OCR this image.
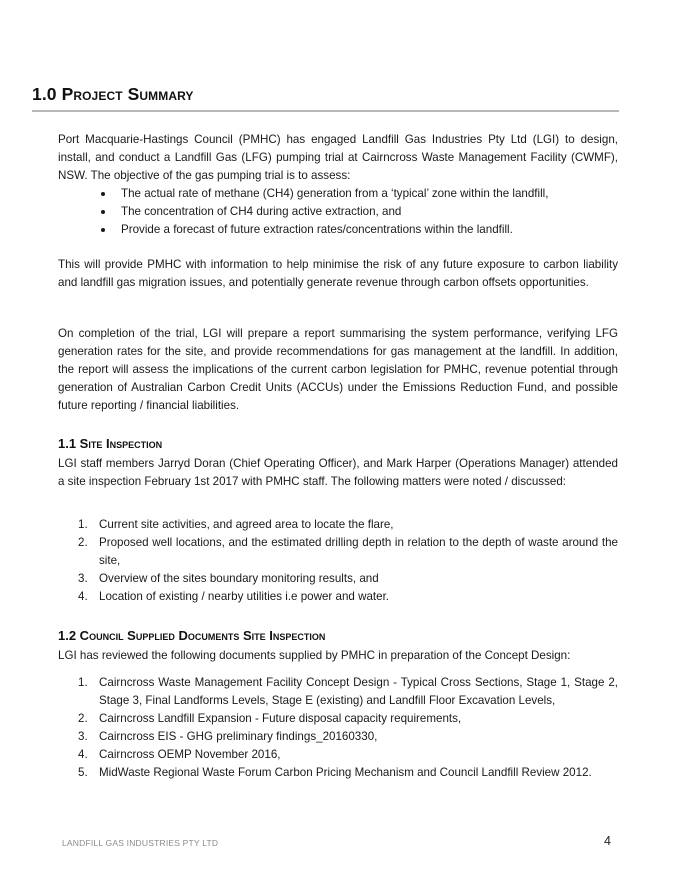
1.0 Project Summary

Port Macquarie-Hastings Council (PMHC) has engaged Landfill Gas Industries Pty Ltd (LGI) to design, install, and conduct a Landfill Gas (LFG) pumping trial at Cairncross Waste Management Facility (CWMF), NSW. The objective of the gas pumping trial is to assess:

The actual rate of methane (CH4) generation from a ‘typical’ zone within the landfill,
The concentration of CH4 during active extraction, and
Provide a forecast of future extraction rates/concentrations within the landfill.

This will provide PMHC with information to help minimise the risk of any future exposure to carbon liability and landfill gas migration issues, and potentially generate revenue through carbon offsets opportunities.

On completion of the trial, LGI will prepare a report summarising the system performance, verifying LFG generation rates for the site, and provide recommendations for gas management at the landfill. In addition, the report will assess the implications of the current carbon legislation for PMHC, revenue potential through generation of Australian Carbon Credit Units (ACCUs) under the Emissions Reduction Fund, and possible future reporting / financial liabilities.

1.1 Site Inspection

LGI staff members Jarryd Doran (Chief Operating Officer), and Mark Harper (Operations Manager) attended a site inspection February 1st 2017 with PMHC staff. The following matters were noted / discussed:

1. Current site activities, and agreed area to locate the flare,
2. Proposed well locations, and the estimated drilling depth in relation to the depth of waste around the site,
3. Overview of the sites boundary monitoring results, and
4. Location of existing / nearby utilities i.e power and water.
1.2 Council Supplied Documents Site Inspection

LGI has reviewed the following documents supplied by PMHC in preparation of the Concept Design:

1. Cairncross Waste Management Facility Concept Design - Typical Cross Sections, Stage 1, Stage 2, Stage 3, Final Landforms Levels, Stage E (existing) and Landfill Floor Excavation Levels,
2. Cairncross Landfill Expansion - Future disposal capacity requirements,
3. Cairncross EIS - GHG preliminary findings_20160330,
4. Cairncross OEMP November 2016,
5. MidWaste Regional Waste Forum Carbon Pricing Mechanism and Council Landfill Review 2012.
LANDFILL GAS INDUSTRIES PTY LTD	4
